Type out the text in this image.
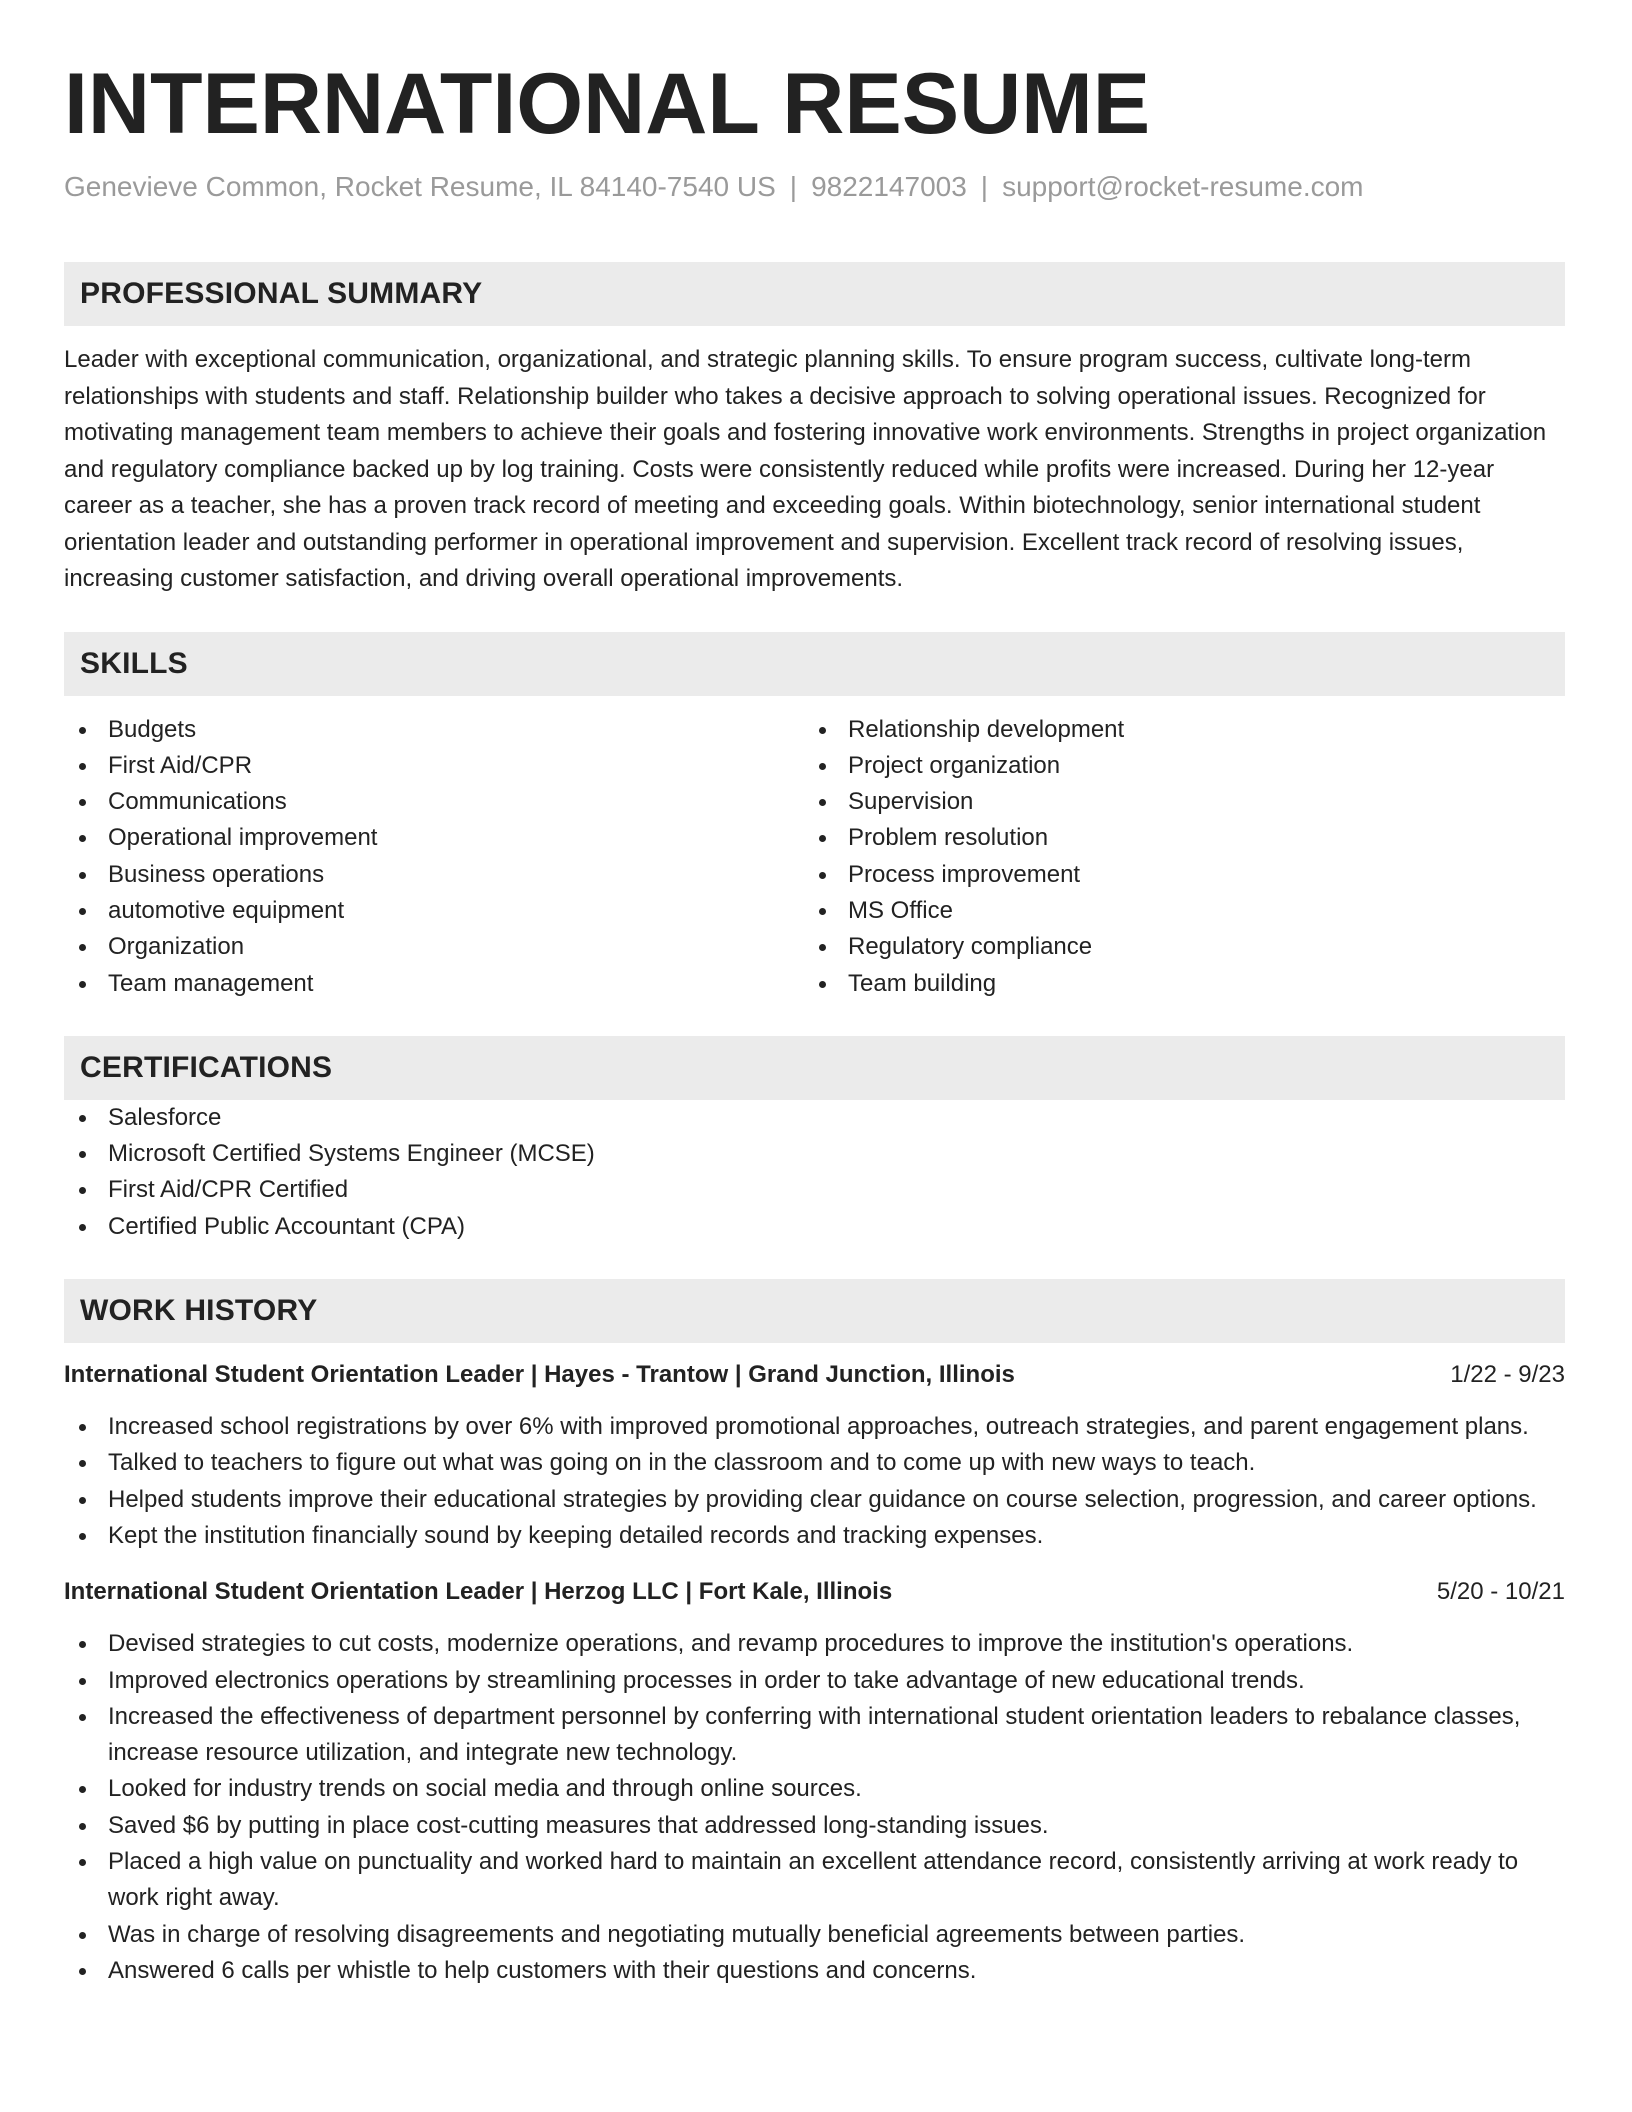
INTERNATIONAL RESUME
Genevieve Common, Rocket Resume, IL 84140-7540 US | 9822147003 | support@rocket-resume.com
PROFESSIONAL SUMMARY

Leader with exceptional communication, organizational, and strategic planning skills. To ensure program success, cultivate long-term relationships with students and staff. Relationship builder who takes a decisive approach to solving operational issues. Recognized for motivating management team members to achieve their goals and fostering innovative work environments. Strengths in project organization and regulatory compliance backed up by log training. Costs were consistently reduced while profits were increased. During her 12-year career as a teacher, she has a proven track record of meeting and exceeding goals. Within biotechnology, senior international student orientation leader and outstanding performer in operational improvement and supervision. Excellent track record of resolving issues, increasing customer satisfaction, and driving overall operational improvements.

SKILLS
Budgets
First Aid/CPR
Communications
Operational improvement
Business operations
automotive equipment
Organization
Team management
Relationship development
Project organization
Supervision
Problem resolution
Process improvement
MS Office
Regulatory compliance
Team building
CERTIFICATIONS
Salesforce
Microsoft Certified Systems Engineer (MCSE)
First Aid/CPR Certified
Certified Public Accountant (CPA)
WORK HISTORY
International Student Orientation Leader | Hayes - Trantow | Grand Junction, Illinois	1/22 - 9/23
Increased school registrations by over 6% with improved promotional approaches, outreach strategies, and parent engagement plans.
Talked to teachers to figure out what was going on in the classroom and to come up with new ways to teach.
Helped students improve their educational strategies by providing clear guidance on course selection, progression, and career options.
Kept the institution financially sound by keeping detailed records and tracking expenses.
International Student Orientation Leader | Herzog LLC | Fort Kale, Illinois	5/20 - 10/21
Devised strategies to cut costs, modernize operations, and revamp procedures to improve the institution's operations.
Improved electronics operations by streamlining processes in order to take advantage of new educational trends.
Increased the effectiveness of department personnel by conferring with international student orientation leaders to rebalance classes, increase resource utilization, and integrate new technology.
Looked for industry trends on social media and through online sources.
Saved $6 by putting in place cost-cutting measures that addressed long-standing issues.
Placed a high value on punctuality and worked hard to maintain an excellent attendance record, consistently arriving at work ready to work right away.
Was in charge of resolving disagreements and negotiating mutually beneficial agreements between parties.
Answered 6 calls per whistle to help customers with their questions and concerns.
